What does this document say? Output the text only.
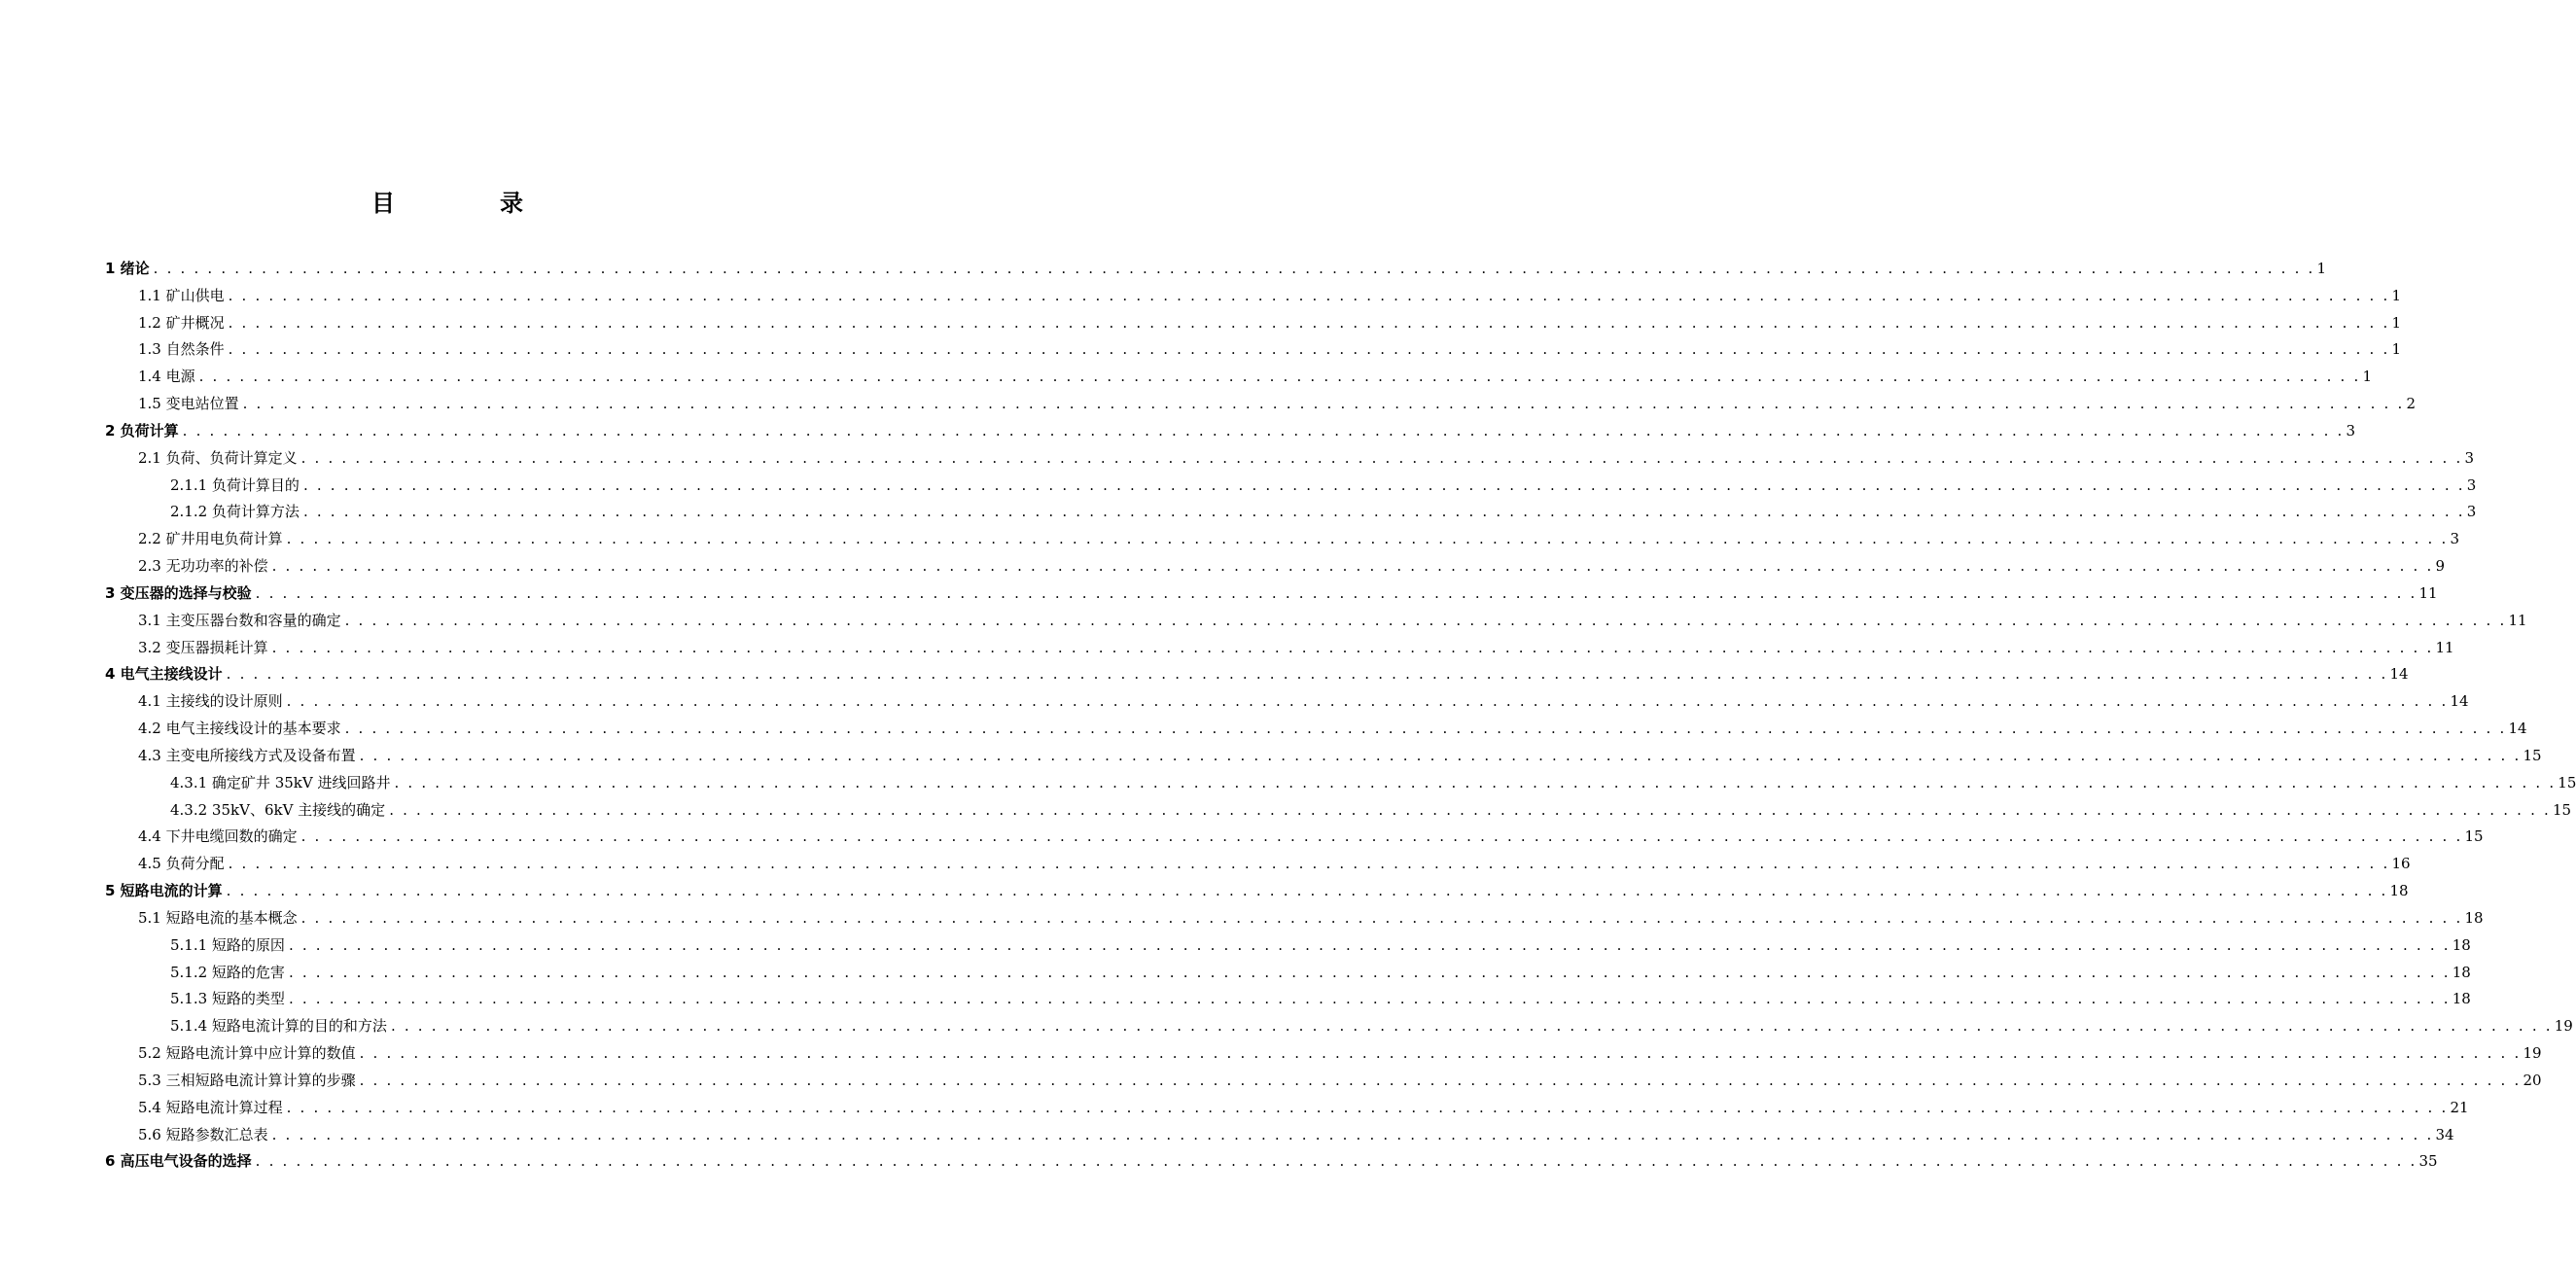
目　录
1 绪论 . . . . . . . . . . . . . . . . . . . . . . . . . . . . . . . . . . . . . . . . . . . . . . . . . . . . . . . . . . . . . . . . . . . . . . . . . . . . . . . . . . . . . . . . . . . . . . . . . . . . . . . . . . . . . . . . . . . . . . . . . . . . . . . . . . . . . . . . . . . . . . . . . . . . . . . . . . . . . . . . 1
1.1 矿山供电 . . . . . . . . . . . . . . . . . . . . . . . . . . . . . . . . . . . . . . . . . . . . . . . . . . . . . . . . . . . . . . . . . . . . . . . . . . . . . . . . . . . . . . . . . . . . . . . . . . . . . . . . . . . . . . . . . . . . . . . . . . . . . . . . . . . . . . . . . . . . . . . . . . . . . . . . . . . . . . . . 1
1.2 矿井概况 . . . . . . . . . . . . . . . . . . . . . . . . . . . . . . . . . . . . . . . . . . . . . . . . . . . . . . . . . . . . . . . . . . . . . . . . . . . . . . . . . . . . . . . . . . . . . . . . . . . . . . . . . . . . . . . . . . . . . . . . . . . . . . . . . . . . . . . . . . . . . . . . . . . . . . . . . . . . . . . . 1
1.3 自然条件 . . . . . . . . . . . . . . . . . . . . . . . . . . . . . . . . . . . . . . . . . . . . . . . . . . . . . . . . . . . . . . . . . . . . . . . . . . . . . . . . . . . . . . . . . . . . . . . . . . . . . . . . . . . . . . . . . . . . . . . . . . . . . . . . . . . . . . . . . . . . . . . . . . . . . . . . . . . . . . . . 1
1.4 电源 . . . . . . . . . . . . . . . . . . . . . . . . . . . . . . . . . . . . . . . . . . . . . . . . . . . . . . . . . . . . . . . . . . . . . . . . . . . . . . . . . . . . . . . . . . . . . . . . . . . . . . . . . . . . . . . . . . . . . . . . . . . . . . . . . . . . . . . . . . . . . . . . . . . . . . . . . . . . . . . . 1
1.5 变电站位置 . . . . . . . . . . . . . . . . . . . . . . . . . . . . . . . . . . . . . . . . . . . . . . . . . . . . . . . . . . . . . . . . . . . . . . . . . . . . . . . . . . . . . . . . . . . . . . . . . . . . . . . . . . . . . . . . . . . . . . . . . . . . . . . . . . . . . . . . . . . . . . . . . . . . . . . . . . . . . . . . 2
2 负荷计算 . . . . . . . . . . . . . . . . . . . . . . . . . . . . . . . . . . . . . . . . . . . . . . . . . . . . . . . . . . . . . . . . . . . . . . . . . . . . . . . . . . . . . . . . . . . . . . . . . . . . . . . . . . . . . . . . . . . . . . . . . . . . . . . . . . . . . . . . . . . . . . . . . . . . . . . . . . . . . . . . 3
2.1 负荷、负荷计算定义 . . . . . . . . . . . . . . . . . . . . . . . . . . . . . . . . . . . . . . . . . . . . . . . . . . . . . . . . . . . . . . . . . . . . . . . . . . . . . . . . . . . . . . . . . . . . . . . . . . . . . . . . . . . . . . . . . . . . . . . . . . . . . . . . . . . . . . . . . . . . . . . . . . . . . . . . . . . . . . . . 3
2.1.1 负荷计算目的 . . . . . . . . . . . . . . . . . . . . . . . . . . . . . . . . . . . . . . . . . . . . . . . . . . . . . . . . . . . . . . . . . . . . . . . . . . . . . . . . . . . . . . . . . . . . . . . . . . . . . . . . . . . . . . . . . . . . . . . . . . . . . . . . . . . . . . . . . . . . . . . . . . . . . . . . . . . . . . . . 3
2.1.2 负荷计算方法 . . . . . . . . . . . . . . . . . . . . . . . . . . . . . . . . . . . . . . . . . . . . . . . . . . . . . . . . . . . . . . . . . . . . . . . . . . . . . . . . . . . . . . . . . . . . . . . . . . . . . . . . . . . . . . . . . . . . . . . . . . . . . . . . . . . . . . . . . . . . . . . . . . . . . . . . . . . . . . . . 3
2.2 矿井用电负荷计算 . . . . . . . . . . . . . . . . . . . . . . . . . . . . . . . . . . . . . . . . . . . . . . . . . . . . . . . . . . . . . . . . . . . . . . . . . . . . . . . . . . . . . . . . . . . . . . . . . . . . . . . . . . . . . . . . . . . . . . . . . . . . . . . . . . . . . . . . . . . . . . . . . . . . . . . . . . . . . . . . 3
2.3 无功功率的补偿 . . . . . . . . . . . . . . . . . . . . . . . . . . . . . . . . . . . . . . . . . . . . . . . . . . . . . . . . . . . . . . . . . . . . . . . . . . . . . . . . . . . . . . . . . . . . . . . . . . . . . . . . . . . . . . . . . . . . . . . . . . . . . . . . . . . . . . . . . . . . . . . . . . . . . . . . . . . . . . . . 9
3 变压器的选择与校验 . . . . . . . . . . . . . . . . . . . . . . . . . . . . . . . . . . . . . . . . . . . . . . . . . . . . . . . . . . . . . . . . . . . . . . . . . . . . . . . . . . . . . . . . . . . . . . . . . . . . . . . . . . . . . . . . . . . . . . . . . . . . . . . . . . . . . . . . . . . . . . . . . . . . . . . . . . . . . . . . 11
3.1 主变压器台数和容量的确定 . . . . . . . . . . . . . . . . . . . . . . . . . . . . . . . . . . . . . . . . . . . . . . . . . . . . . . . . . . . . . . . . . . . . . . . . . . . . . . . . . . . . . . . . . . . . . . . . . . . . . . . . . . . . . . . . . . . . . . . . . . . . . . . . . . . . . . . . . . . . . . . . . . . . . . . . . . . . . . . . 11
3.2 变压器损耗计算 . . . . . . . . . . . . . . . . . . . . . . . . . . . . . . . . . . . . . . . . . . . . . . . . . . . . . . . . . . . . . . . . . . . . . . . . . . . . . . . . . . . . . . . . . . . . . . . . . . . . . . . . . . . . . . . . . . . . . . . . . . . . . . . . . . . . . . . . . . . . . . . . . . . . . . . . . . . . . . . . 11
4 电气主接线设计 . . . . . . . . . . . . . . . . . . . . . . . . . . . . . . . . . . . . . . . . . . . . . . . . . . . . . . . . . . . . . . . . . . . . . . . . . . . . . . . . . . . . . . . . . . . . . . . . . . . . . . . . . . . . . . . . . . . . . . . . . . . . . . . . . . . . . . . . . . . . . . . . . . . . . . . . . . . . . . . . 14
4.1 主接线的设计原则 . . . . . . . . . . . . . . . . . . . . . . . . . . . . . . . . . . . . . . . . . . . . . . . . . . . . . . . . . . . . . . . . . . . . . . . . . . . . . . . . . . . . . . . . . . . . . . . . . . . . . . . . . . . . . . . . . . . . . . . . . . . . . . . . . . . . . . . . . . . . . . . . . . . . . . . . . . . . . . . . 14
4.2 电气主接线设计的基本要求 . . . . . . . . . . . . . . . . . . . . . . . . . . . . . . . . . . . . . . . . . . . . . . . . . . . . . . . . . . . . . . . . . . . . . . . . . . . . . . . . . . . . . . . . . . . . . . . . . . . . . . . . . . . . . . . . . . . . . . . . . . . . . . . . . . . . . . . . . . . . . . . . . . . . . . . . . . . . . . . . 14
4.3 主变电所接线方式及设备布置 . . . . . . . . . . . . . . . . . . . . . . . . . . . . . . . . . . . . . . . . . . . . . . . . . . . . . . . . . . . . . . . . . . . . . . . . . . . . . . . . . . . . . . . . . . . . . . . . . . . . . . . . . . . . . . . . . . . . . . . . . . . . . . . . . . . . . . . . . . . . . . . . . . . . . . . . . . . . . . . . 15
4.3.1 确定矿井 35kV 进线回路井 . . . . . . . . . . . . . . . . . . . . . . . . . . . . . . . . . . . . . . . . . . . . . . . . . . . . . . . . . . . . . . . . . . . . . . . . . . . . . . . . . . . . . . . . . . . . . . . . . . . . . . . . . . . . . . . . . . . . . . . . . . . . . . . . . . . . . . . . . . . . . . . . . . . . . . . . . . . . . . . . 15
4.3.2 35kV、6kV 主接线的确定 . . . . . . . . . . . . . . . . . . . . . . . . . . . . . . . . . . . . . . . . . . . . . . . . . . . . . . . . . . . . . . . . . . . . . . . . . . . . . . . . . . . . . . . . . . . . . . . . . . . . . . . . . . . . . . . . . . . . . . . . . . . . . . . . . . . . . . . . . . . . . . . . . . . . . . . . . . . . . . . . 15
4.4 下井电缆回数的确定 . . . . . . . . . . . . . . . . . . . . . . . . . . . . . . . . . . . . . . . . . . . . . . . . . . . . . . . . . . . . . . . . . . . . . . . . . . . . . . . . . . . . . . . . . . . . . . . . . . . . . . . . . . . . . . . . . . . . . . . . . . . . . . . . . . . . . . . . . . . . . . . . . . . . . . . . . . . . . . . . 15
4.5 负荷分配 . . . . . . . . . . . . . . . . . . . . . . . . . . . . . . . . . . . . . . . . . . . . . . . . . . . . . . . . . . . . . . . . . . . . . . . . . . . . . . . . . . . . . . . . . . . . . . . . . . . . . . . . . . . . . . . . . . . . . . . . . . . . . . . . . . . . . . . . . . . . . . . . . . . . . . . . . . . . . . . . 16
5 短路电流的计算 . . . . . . . . . . . . . . . . . . . . . . . . . . . . . . . . . . . . . . . . . . . . . . . . . . . . . . . . . . . . . . . . . . . . . . . . . . . . . . . . . . . . . . . . . . . . . . . . . . . . . . . . . . . . . . . . . . . . . . . . . . . . . . . . . . . . . . . . . . . . . . . . . . . . . . . . . . . . . . . . 18
5.1 短路电流的基本概念 . . . . . . . . . . . . . . . . . . . . . . . . . . . . . . . . . . . . . . . . . . . . . . . . . . . . . . . . . . . . . . . . . . . . . . . . . . . . . . . . . . . . . . . . . . . . . . . . . . . . . . . . . . . . . . . . . . . . . . . . . . . . . . . . . . . . . . . . . . . . . . . . . . . . . . . . . . . . . . . . 18
5.1.1 短路的原因 . . . . . . . . . . . . . . . . . . . . . . . . . . . . . . . . . . . . . . . . . . . . . . . . . . . . . . . . . . . . . . . . . . . . . . . . . . . . . . . . . . . . . . . . . . . . . . . . . . . . . . . . . . . . . . . . . . . . . . . . . . . . . . . . . . . . . . . . . . . . . . . . . . . . . . . . . . . . . . . . 18
5.1.2 短路的危害 . . . . . . . . . . . . . . . . . . . . . . . . . . . . . . . . . . . . . . . . . . . . . . . . . . . . . . . . . . . . . . . . . . . . . . . . . . . . . . . . . . . . . . . . . . . . . . . . . . . . . . . . . . . . . . . . . . . . . . . . . . . . . . . . . . . . . . . . . . . . . . . . . . . . . . . . . . . . . . . . 18
5.1.3 短路的类型 . . . . . . . . . . . . . . . . . . . . . . . . . . . . . . . . . . . . . . . . . . . . . . . . . . . . . . . . . . . . . . . . . . . . . . . . . . . . . . . . . . . . . . . . . . . . . . . . . . . . . . . . . . . . . . . . . . . . . . . . . . . . . . . . . . . . . . . . . . . . . . . . . . . . . . . . . . . . . . . . 18
5.1.4 短路电流计算的目的和方法 . . . . . . . . . . . . . . . . . . . . . . . . . . . . . . . . . . . . . . . . . . . . . . . . . . . . . . . . . . . . . . . . . . . . . . . . . . . . . . . . . . . . . . . . . . . . . . . . . . . . . . . . . . . . . . . . . . . . . . . . . . . . . . . . . . . . . . . . . . . . . . . . . . . . . . . . . . . . . . . . 19
5.2 短路电流计算中应计算的数值 . . . . . . . . . . . . . . . . . . . . . . . . . . . . . . . . . . . . . . . . . . . . . . . . . . . . . . . . . . . . . . . . . . . . . . . . . . . . . . . . . . . . . . . . . . . . . . . . . . . . . . . . . . . . . . . . . . . . . . . . . . . . . . . . . . . . . . . . . . . . . . . . . . . . . . . . . . . . . . . . 19
5.3 三相短路电流计算计算的步骤 . . . . . . . . . . . . . . . . . . . . . . . . . . . . . . . . . . . . . . . . . . . . . . . . . . . . . . . . . . . . . . . . . . . . . . . . . . . . . . . . . . . . . . . . . . . . . . . . . . . . . . . . . . . . . . . . . . . . . . . . . . . . . . . . . . . . . . . . . . . . . . . . . . . . . . . . . . . . . . . . 20
5.4 短路电流计算过程 . . . . . . . . . . . . . . . . . . . . . . . . . . . . . . . . . . . . . . . . . . . . . . . . . . . . . . . . . . . . . . . . . . . . . . . . . . . . . . . . . . . . . . . . . . . . . . . . . . . . . . . . . . . . . . . . . . . . . . . . . . . . . . . . . . . . . . . . . . . . . . . . . . . . . . . . . . . . . . . . 21
5.6 短路参数汇总表 . . . . . . . . . . . . . . . . . . . . . . . . . . . . . . . . . . . . . . . . . . . . . . . . . . . . . . . . . . . . . . . . . . . . . . . . . . . . . . . . . . . . . . . . . . . . . . . . . . . . . . . . . . . . . . . . . . . . . . . . . . . . . . . . . . . . . . . . . . . . . . . . . . . . . . . . . . . . . . . . 34
6 高压电气设备的选择 . . . . . . . . . . . . . . . . . . . . . . . . . . . . . . . . . . . . . . . . . . . . . . . . . . . . . . . . . . . . . . . . . . . . . . . . . . . . . . . . . . . . . . . . . . . . . . . . . . . . . . . . . . . . . . . . . . . . . . . . . . . . . . . . . . . . . . . . . . . . . . . . . . . . . . . . . . . . . . . . 35
